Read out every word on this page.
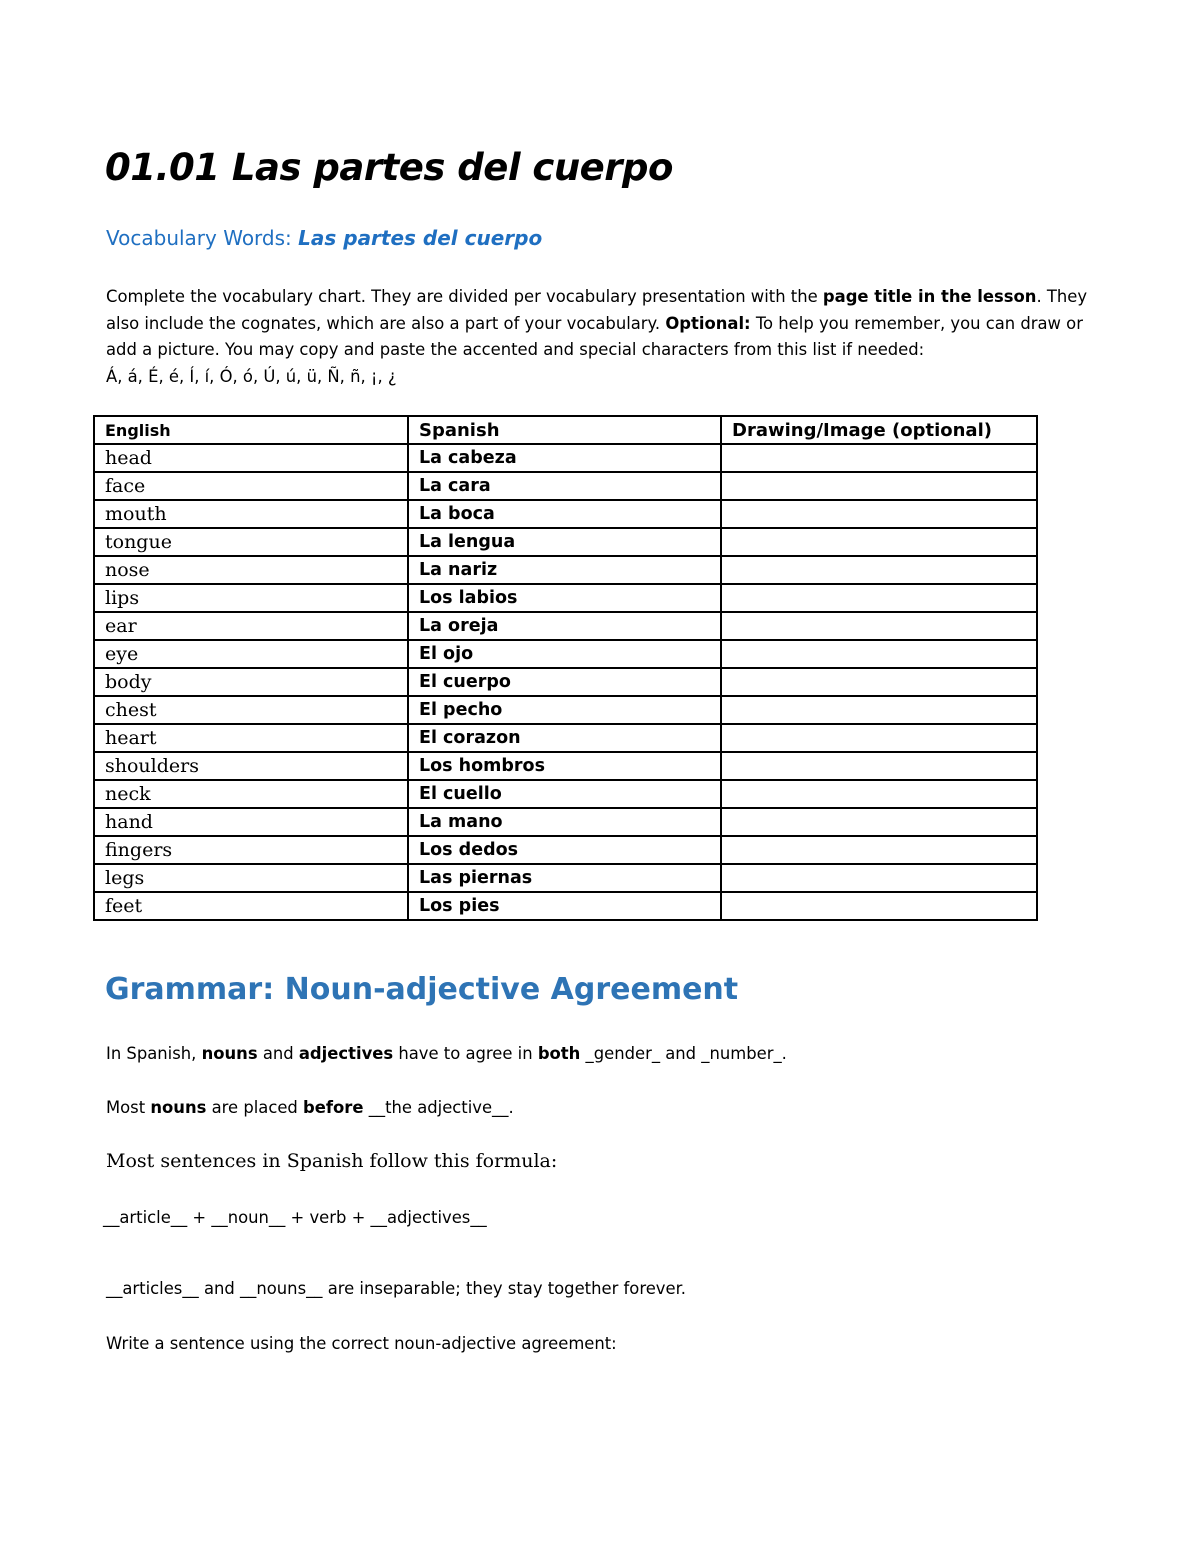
01.01 Las partes del cuerpo
Vocabulary Words: Las partes del cuerpo
Complete the vocabulary chart. They are divided per vocabulary presentation with the page title in the lesson. They also include the cognates, which are also a part of your vocabulary. Optional: To help you remember, you can draw or add a picture. You may copy and paste the accented and special characters from this list if needed:
Á, á, É, é, Í, í, Ó, ó, Ú, ú, ü, Ñ, ñ, ¡, ¿
English	Spanish	Drawing/Image (optional)
head	La cabeza	
face	La cara	
mouth	La boca	
tongue	La lengua	
nose	La nariz	
lips	Los labios	
ear	La oreja	
eye	El ojo	
body	El cuerpo	
chest	El pecho	
heart	El corazon	
shoulders	Los hombros	
neck	El cuello	
hand	La mano	
fingers	Los dedos	
legs	Las piernas	
feet	Los pies	
Grammar: Noun-adjective Agreement
In Spanish, nouns and adjectives have to agree in both _gender_ and _number_.
Most nouns are placed before __the adjective__.
Most sentences in Spanish follow this formula:
__article__ + __noun__ + verb + __adjectives__
__articles__ and __nouns__ are inseparable; they stay together forever.
Write a sentence using the correct noun-adjective agreement:
